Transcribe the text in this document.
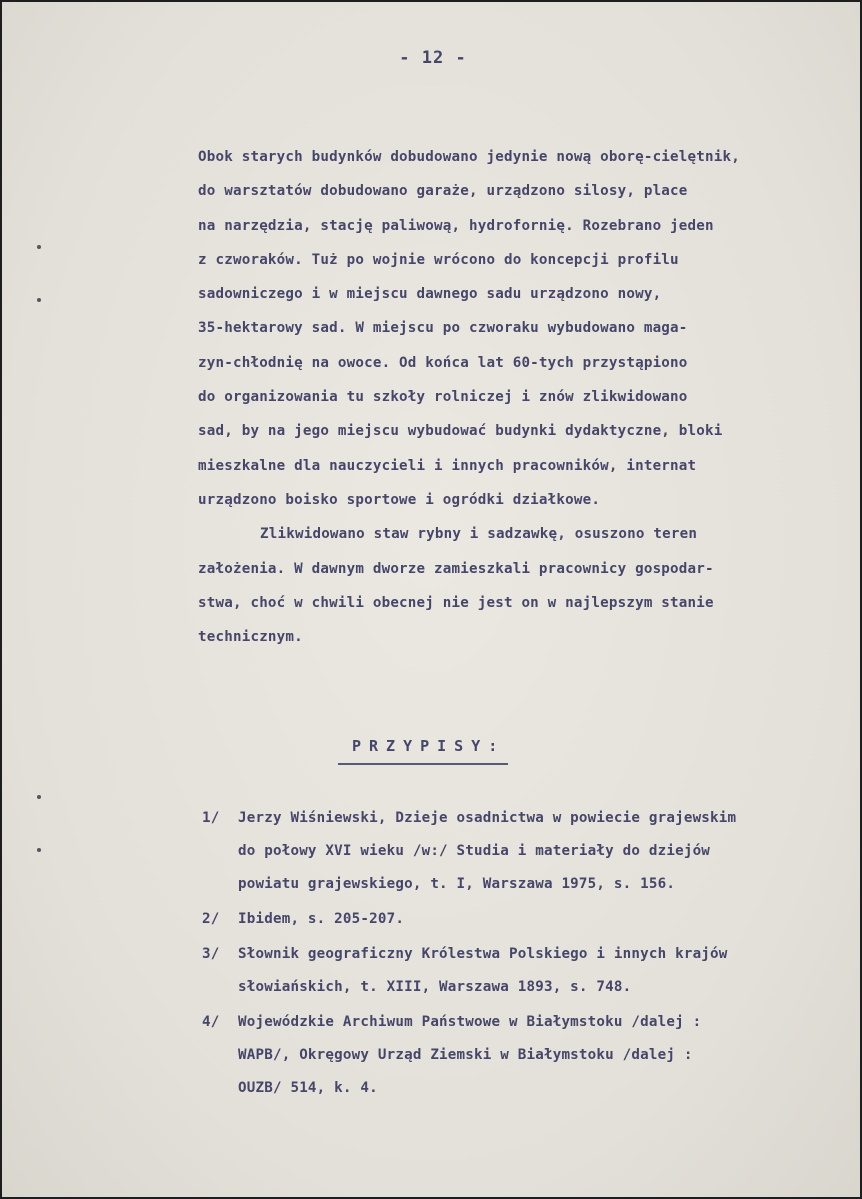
- 12 -
Obok starych budynków dobudowano jedynie nową oborę-cielętnik,
do warsztatów dobudowano garaże, urządzono silosy, place
na narzędzia, stację paliwową, hydrofornię. Rozebrano jeden
z czworaków. Tuż po wojnie wrócono do koncepcji profilu
sadowniczego i w miejscu dawnego sadu urządzono nowy,
35-hektarowy sad. W miejscu po czworaku wybudowano maga-
zyn-chłodnię na owoce. Od końca lat 60-tych przystąpiono
do organizowania tu szkoły rolniczej i znów zlikwidowano
sad, by na jego miejscu wybudować budynki dydaktyczne, bloki
mieszkalne dla nauczycieli i innych pracowników, internat
urządzono boisko sportowe i ogródki działkowe.
Zlikwidowano staw rybny i sadzawkę, osuszono teren
założenia. W dawnym dworze zamieszkali pracownicy gospodar-
stwa, choć w chwili obecnej nie jest on w najlepszym stanie
technicznym.
PRZYPISY:
1/ Jerzy Wiśniewski, Dzieje osadnictwa w powiecie grajewskim
do połowy XVI wieku /w:/ Studia i materiały do dziejów
powiatu grajewskiego, t. I, Warszawa 1975, s. 156.
2/ Ibidem, s. 205-207.
3/ Słownik geograficzny Królestwa Polskiego i innych krajów
słowiańskich, t. XIII, Warszawa 1893, s. 748.
4/ Wojewódzkie Archiwum Państwowe w Białymstoku /dalej :
WAPB/, Okręgowy Urząd Ziemski w Białymstoku /dalej :
OUZB/ 514, k. 4.
